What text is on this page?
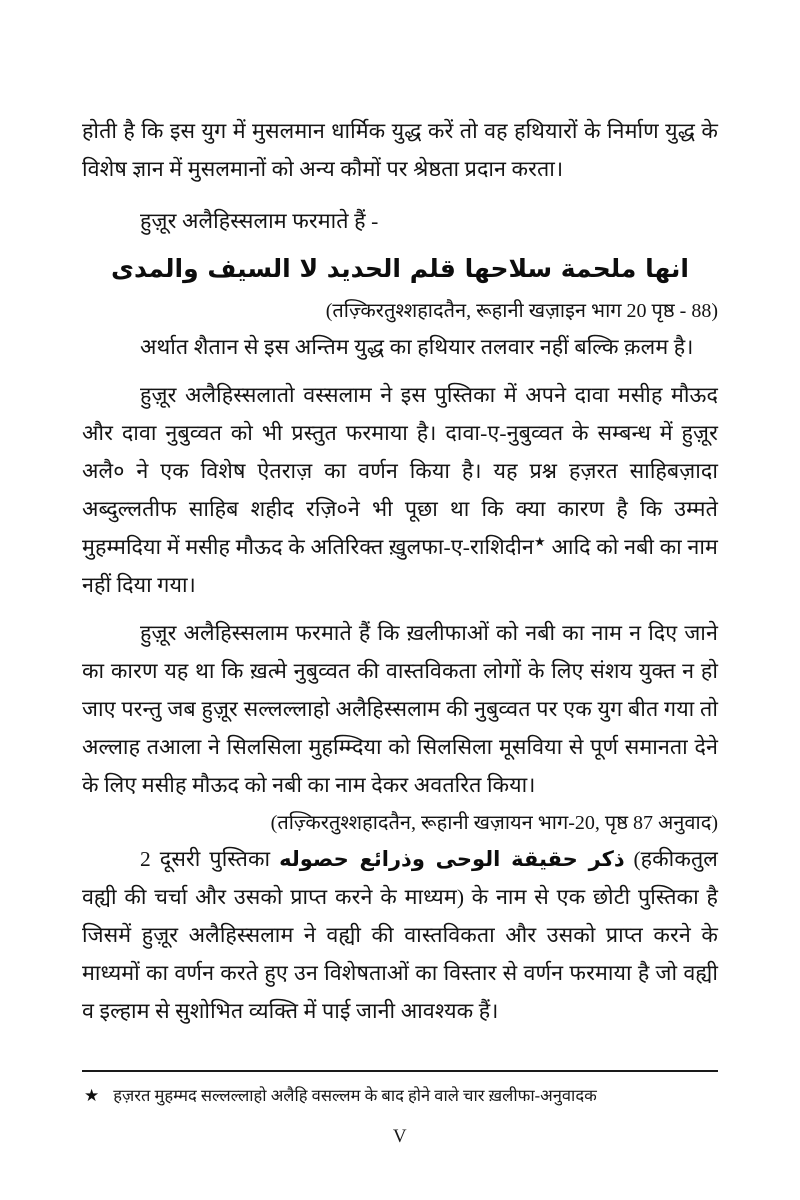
होती है कि इस युग में मुसलमान धार्मिक युद्ध करें तो वह हथियारों के निर्माण युद्ध के विशेष ज्ञान में मुसलमानों को अन्य कौमों पर श्रेष्ठता प्रदान करता।

हुज़ूर अलैहिस्सलाम फरमाते हैं -

انها ملحمة سلاحها قلم الحديد لا السيف والمدى

(तज़्किरतुश्शहादतैन, रूहानी खज़ाइन भाग 20 पृष्ठ - 88)

अर्थात शैतान से इस अन्तिम युद्ध का हथियार तलवार नहीं बल्कि क़लम है।

हुज़ूर अलैहिस्सलातो वस्सलाम ने इस पुस्तिका में अपने दावा मसीह मौऊद और दावा नुबुव्वत को भी प्रस्तुत फरमाया है। दावा-ए-नुबुव्वत के सम्बन्ध में हुज़ूर अलै० ने एक विशेष ऐतराज़ का वर्णन किया है। यह प्रश्न हज़रत साहिबज़ादा अब्दुल्लतीफ साहिब शहीद रज़ि०ने भी पूछा था कि क्या कारण है कि उम्मते मुहम्मदिया में मसीह मौऊद के अतिरिक्त ख़ुलफा-ए-राशिदीन★ आदि को नबी का नाम नहीं दिया गया।

हुज़ूर अलैहिस्सलाम फरमाते हैं कि ख़लीफाओं को नबी का नाम न दिए जाने का कारण यह था कि ख़त्मे नुबुव्वत की वास्तविकता लोगों के लिए संशय युक्त न हो जाए परन्तु जब हुज़ूर सल्लल्लाहो अलैहिस्सलाम की नुबुव्वत पर एक युग बीत गया तो अल्लाह तआला ने सिलसिला मुहम्म्दिया को सिलसिला मूसविया से पूर्ण समानता देने के लिए मसीह मौऊद को नबी का नाम देकर अवतरित किया।

(तज़्किरतुश्शहादतैन, रूहानी खज़ायन भाग-20, पृष्ठ 87 अनुवाद)

2 दूसरी पुस्तिका ذكر حقيقة الوحى وذرائع حصوله (हकीकतुल वह्यी की चर्चा और उसको प्राप्त करने के माध्यम) के नाम से एक छोटी पुस्तिका है जिसमें हुज़ूर अलैहिस्सलाम ने वह्यी की वास्तविकता और उसको प्राप्त करने के माध्यमों का वर्णन करते हुए उन विशेषताओं का विस्तार से वर्णन फरमाया है जो वह्यी व इल्हाम से सुशोभित व्यक्ति में पाई जानी आवश्यक हैं।

★ हज़रत मुहम्मद सल्लल्लाहो अलैहि वसल्लम के बाद होने वाले चार ख़लीफा-अनुवादक
V
